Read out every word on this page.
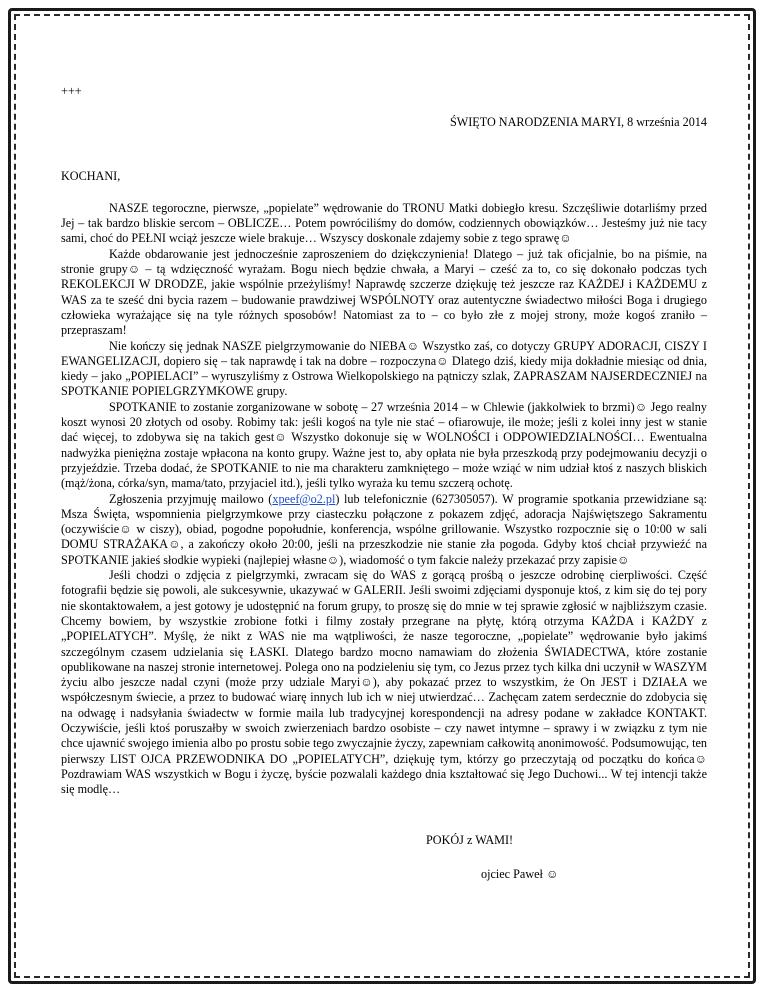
+++
ŚWIĘTO NARODZENIA MARYI, 8 września 2014
KOCHANI,

NASZE tegoroczne, pierwsze, „popielate” wędrowanie do TRONU Matki dobiegło kresu. Szczęśliwie dotarliśmy przed Jej – tak bardzo bliskie sercom – OBLICZE… Potem powróciliśmy do domów, codziennych obowiązków… Jesteśmy już nie tacy sami, choć do PEŁNI wciąż jeszcze wiele brakuje… Wszyscy doskonale zdajemy sobie z tego sprawę☺

Każde obdarowanie jest jednocześnie zaproszeniem do dziękczynienia! Dlatego – już tak oficjalnie, bo na piśmie, na stronie grupy☺ – tą wdzięczność wyrażam. Bogu niech będzie chwała, a Maryi – cześć za to, co się dokonało podczas tych REKOLEKCJI W DRODZE, jakie wspólnie przeżyliśmy! Naprawdę szczerze dziękuję też jeszcze raz KAŻDEJ i KAŻDEMU z WAS za te sześć dni bycia razem – budowanie prawdziwej WSPÓLNOTY oraz autentyczne świadectwo miłości Boga i drugiego człowieka wyrażające się na tyle różnych sposobów! Natomiast za to – co było złe z mojej strony, może kogoś zraniło – przepraszam!

Nie kończy się jednak NASZE pielgrzymowanie do NIEBA☺ Wszystko zaś, co dotyczy GRUPY ADORACJI, CISZY I EWANGELIZACJI, dopiero się – tak naprawdę i tak na dobre – rozpoczyna☺ Dlatego dziś, kiedy mija dokładnie miesiąc od dnia, kiedy – jako „POPIELACI” – wyruszyliśmy z Ostrowa Wielkopolskiego na pątniczy szlak, ZAPRASZAM NAJSERDECZNIEJ na SPOTKANIE POPIELGRZYMKOWE grupy.

SPOTKANIE to zostanie zorganizowane w sobotę – 27 września 2014 – w Chlewie (jakkolwiek to brzmi)☺ Jego realny koszt wynosi 20 złotych od osoby. Robimy tak: jeśli kogoś na tyle nie stać – ofiarowuje, ile może; jeśli z kolei inny jest w stanie dać więcej, to zdobywa się na takich gest☺ Wszystko dokonuje się w WOLNOŚCI i ODPOWIEDZIALNOŚCI… Ewentualna nadwyżka pieniężna zostaje wpłacona na konto grupy. Ważne jest to, aby opłata nie była przeszkodą przy podejmowaniu decyzji o przyjeździe. Trzeba dodać, że SPOTKANIE to nie ma charakteru zamkniętego – może wziąć w nim udział ktoś z naszych bliskich (mąż/żona, córka/syn, mama/tato, przyjaciel itd.), jeśli tylko wyraża ku temu szczerą ochotę.

Zgłoszenia przyjmuję mailowo (xpeef@o2.pl) lub telefonicznie (627305057). W programie spotkania przewidziane są: Msza Święta, wspomnienia pielgrzymkowe przy ciasteczku połączone z pokazem zdjęć, adoracja Najświętszego Sakramentu (oczywiście☺ w ciszy), obiad, pogodne popołudnie, konferencja, wspólne grillowanie. Wszystko rozpocznie się o 10:00 w sali DOMU STRAŻAKA☺, a zakończy około 20:00, jeśli na przeszkodzie nie stanie zła pogoda. Gdyby ktoś chciał przywieźć na SPOTKANIE jakieś słodkie wypieki (najlepiej własne☺), wiadomość o tym fakcie należy przekazać przy zapisie☺

Jeśli chodzi o zdjęcia z pielgrzymki, zwracam się do WAS z gorącą prośbą o jeszcze odrobinę cierpliwości. Część fotografii będzie się powoli, ale sukcesywnie, ukazywać w GALERII. Jeśli swoimi zdjęciami dysponuje ktoś, z kim się do tej pory nie skontaktowałem, a jest gotowy je udostępnić na forum grupy, to proszę się do mnie w tej sprawie zgłosić w najbliższym czasie. Chcemy bowiem, by wszystkie zrobione fotki i filmy zostały przegrane na płytę, którą otrzyma KAŻDA i KAŻDY z „POPIELATYCH”. Myślę, że nikt z WAS nie ma wątpliwości, że nasze tegoroczne, „popielate” wędrowanie było jakimś szczególnym czasem udzielania się ŁASKI. Dlatego bardzo mocno namawiam do złożenia ŚWIADECTWA, które zostanie opublikowane na naszej stronie internetowej. Polega ono na podzieleniu się tym, co Jezus przez tych kilka dni uczynił w WASZYM życiu albo jeszcze nadal czyni (może przy udziale Maryi☺), aby pokazać przez to wszystkim, że On JEST i DZIAŁA we współczesnym świecie, a przez to budować wiarę innych lub ich w niej utwierdzać… Zachęcam zatem serdecznie do zdobycia się na odwagę i nadsyłania świadectw w formie maila lub tradycyjnej korespondencji na adresy podane w zakładce KONTAKT. Oczywiście, jeśli ktoś poruszałby w swoich zwierzeniach bardzo osobiste – czy nawet intymne – sprawy i w związku z tym nie chce ujawnić swojego imienia albo po prostu sobie tego zwyczajnie życzy, zapewniam całkowitą anonimowość. Podsumowując, ten pierwszy LIST OJCA PRZEWODNIKA DO „POPIELATYCH”, dziękuję tym, którzy go przeczytają od początku do końca☺ Pozdrawiam WAS wszystkich w Bogu i życzę, byście pozwalali każdego dnia kształtować się Jego Duchowi... W tej intencji także się modlę…

POKÓJ z WAMI!
ojciec Paweł ☺
